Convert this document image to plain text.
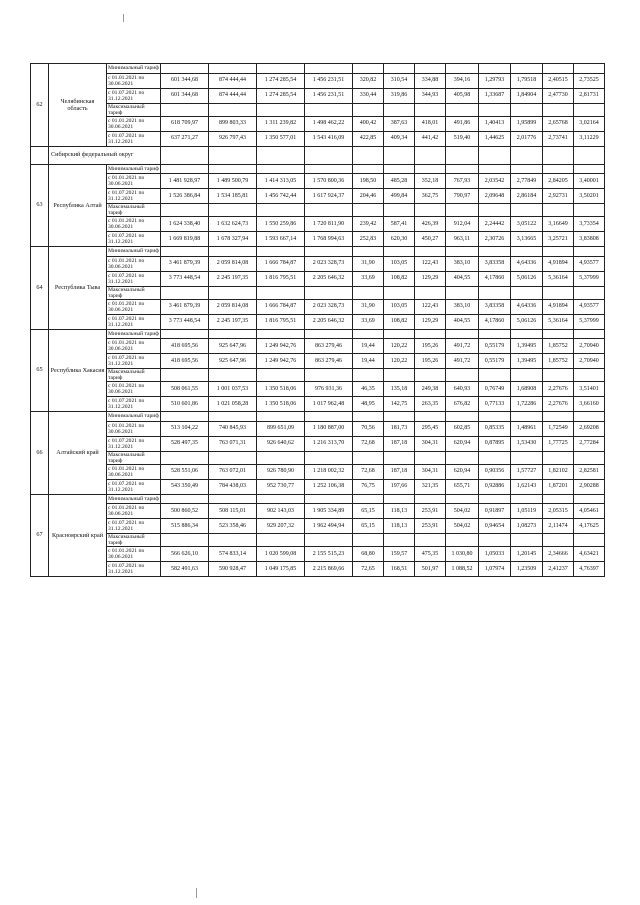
62	Челябинская область	Минимальный тариф												
		с 01.01.2021 по 30.06.2021	601 344,68	874 444,44	1 274 285,54	1 456 231,51	320,82	310,54	334,88	394,16	1,29793	1,79518	2,40515	2,73525
		с 01.07.2021 по 31.12.2021	601 344,68	874 444,44	1 274 285,54	1 456 231,51	330,44	319,86	344,93	405,98	1,33687	1,84904	2,47730	2,81731
		Максимальный тариф												
		с 01.01.2021 по 30.06.2021	618 709,97	899 803,33	1 311 239,82	1 498 462,22	400,42	387,63	418,01	491,86	1,40413	1,95899	2,65768	3,02164
		с 01.07.2021 по 31.12.2021	637 271,27	926 797,43	1 350 577,01	1 543 416,09	422,85	409,34	441,42	519,40	1,44625	2,01776	2,73741	3,11229
	Сибирский федеральный округ													
63	Республика Алтай	Минимальный тариф												
		с 01.01.2021 по 30.06.2021	1 481 928,97	1 489 500,79	1 414 313,05	1 570 800,36	198,50	485,28	352,18	767,93	2,03542	2,77849	2,84205	3,40001
		с 01.07.2021 по 31.12.2021	1 526 386,84	1 534 185,81	1 456 742,44	1 617 924,37	204,46	499,84	362,75	790,97	2,09648	2,86184	2,92731	3,50201
		Максимальный тариф												
		с 01.01.2021 по 30.06.2021	1 624 338,40	1 632 624,73	1 550 259,86	1 720 811,90	239,42	587,41	426,39	912,04	2,24442	3,05122	3,16649	3,73354
		с 01.07.2021 по 31.12.2021	1 669 819,88	1 678 327,94	1 593 667,14	1 768 994,63	252,83	620,30	450,27	963,11	2,30726	3,13665	3,25721	3,83808
64	Республика Тыва	Минимальный тариф												
		с 01.01.2021 по 30.06.2021	3 461 879,39	2 059 814,08	1 666 784,87	2 023 328,73	31,90	103,05	122,43	383,10	3,83358	4,64336	4,91894	4,93577
		с 01.07.2021 по 31.12.2021	3 773 448,54	2 245 197,35	1 816 795,51	2 205 646,32	33,69	108,82	129,29	404,55	4,17860	5,06126	5,36164	5,37999
		Максимальный тариф												
		с 01.01.2021 по 30.06.2021	3 461 879,39	2 059 814,08	1 666 784,87	2 023 328,73	31,90	103,05	122,43	383,10	3,83358	4,64336	4,91894	4,93577
		с 01.07.2021 по 31.12.2021	3 773 448,54	2 245 197,35	1 816 795,51	2 205 646,32	33,69	108,82	129,29	404,55	4,17860	5,06126	5,36164	5,37999
65	Республика Хакасия	Минимальный тариф												
		с 01.01.2021 по 30.06.2021	418 695,56	925 647,96	1 249 942,76	863 279,46	19,44	120,22	195,26	491,72	0,55179	1,39495	1,85752	2,70940
		с 01.07.2021 по 31.12.2021	418 695,56	925 647,96	1 249 942,76	863 279,46	19,44	120,22	195,26	491,72	0,55179	1,39495	1,85752	2,70940
		Максимальный тариф												
		с 01.01.2021 по 30.06.2021	508 061,55	1 001 037,53	1 350 518,06	976 931,36	46,35	135,18	249,38	640,93	0,76749	1,68908	2,27676	3,51401
		с 01.07.2021 по 31.12.2021	510 601,86	1 021 058,28	1 350 518,06	1 017 962,48	48,95	142,75	263,35	676,82	0,77133	1,72286	2,27676	3,66160
66	Алтайский край	Минимальный тариф												
		с 01.01.2021 по 30.06.2021	513 104,22	740 845,93	899 651,09	1 180 887,00	70,56	181,73	295,45	602,85	0,85335	1,48961	1,72549	2,69208
		с 01.07.2021 по 31.12.2021	528 497,35	763 071,31	926 640,62	1 216 313,70	72,68	187,18	304,31	620,94	0,87895	1,53430	1,77725	2,77284
		Максимальный тариф												
		с 01.01.2021 по 30.06.2021	528 551,06	763 072,01	926 780,90	1 218 002,32	72,68	187,18	304,31	620,94	0,90356	1,57727	1,82102	2,82581
		с 01.07.2021 по 31.12.2021	543 350,49	784 438,03	952 730,77	1 252 106,38	76,75	197,66	321,35	655,71	0,92886	1,62143	1,87201	2,90288
67	Красноярский край	Минимальный тариф												
		с 01.01.2021 по 30.06.2021	500 860,52	508 115,01	902 143,03	1 905 334,89	65,15	118,13	253,91	504,02	0,91897	1,05119	2,05315	4,05461
		с 01.07.2021 по 31.12.2021	515 886,34	523 358,46	929 207,32	1 962 494,94	65,15	118,13	253,91	504,02	0,94654	1,08273	2,11474	4,17625
		Максимальный тариф												
		с 01.01.2021 по 30.06.2021	566 626,10	574 833,14	1 020 599,08	2 155 515,23	68,80	159,57	475,35	1 030,80	1,05033	1,20145	2,34666	4,63421
		с 01.07.2021 по 31.12.2021	582 491,63	590 928,47	1 049 175,85	2 215 869,66	72,65	168,51	501,97	1 088,52	1,07974	1,23509	2,41237	4,76397
